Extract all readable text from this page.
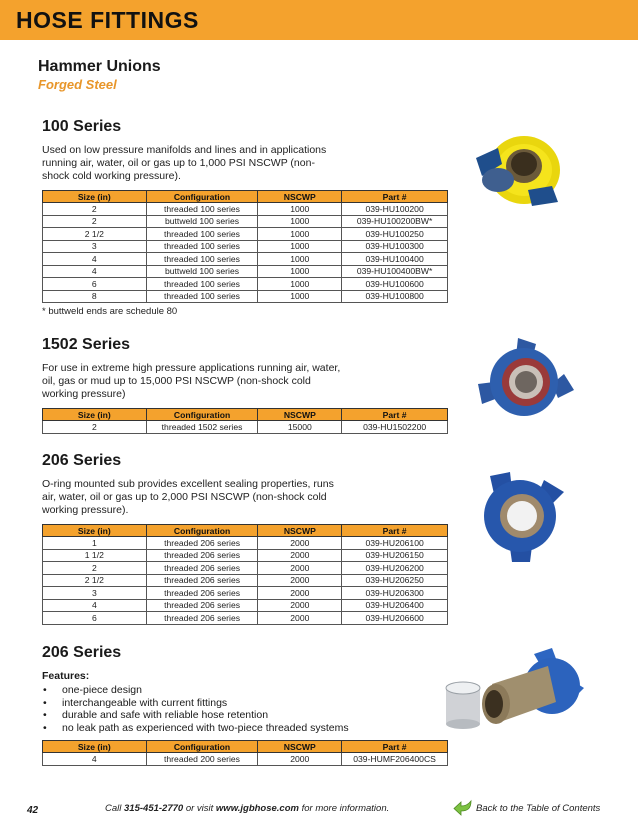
HOSE FITTINGS
Hammer Unions
Forged Steel
100 Series

Used on low pressure manifolds and lines and in applications running air, water, oil or gas up to 1,000 PSI NSCWP (non-shock cold working pressure).

Size (in)	Configuration	NSCWP	Part #
2	threaded 100 series	1000	039-HU100200
2	buttweld 100 series	1000	039-HU100200BW*
2 1/2	threaded 100 series	1000	039-HU100250
3	threaded 100 series	1000	039-HU100300
4	threaded 100 series	1000	039-HU100400
4	buttweld 100 series	1000	039-HU100400BW*
6	threaded 100 series	1000	039-HU100600
8	threaded 100 series	1000	039-HU100800
* buttweld ends are schedule 80
1502 Series

For use in extreme high pressure applications running air, water, oil, gas or mud up to 15,000 PSI NSCWP (non-shock cold working pressure)

Size (in)	Configuration	NSCWP	Part #
2	threaded 1502 series	15000	039-HU1502200
206 Series

O-ring mounted sub provides excellent sealing properties, runs air, water, oil or gas up to 2,000 PSI NSCWP (non-shock cold working pressure).

Size (in)	Configuration	NSCWP	Part #
1	threaded 206 series	2000	039-HU206100
1 1/2	threaded 206 series	2000	039-HU206150
2	threaded 206 series	2000	039-HU206200
2 1/2	threaded 206 series	2000	039-HU206250
3	threaded 206 series	2000	039-HU206300
4	threaded 206 series	2000	039-HU206400
6	threaded 206 series	2000	039-HU206600
206 Series
Features:
• one-piece design
• interchangeable with current fittings
• durable and safe with reliable hose retention
• no leak path as experienced with two-piece threaded systems
Size (in)	Configuration	NSCWP	Part #
4	threaded 200 series	2000	039-HUMF206400CS
42	Call 315-451-2770 or visit www.jgbhose.com for more information.	Back to the Table of Contents
